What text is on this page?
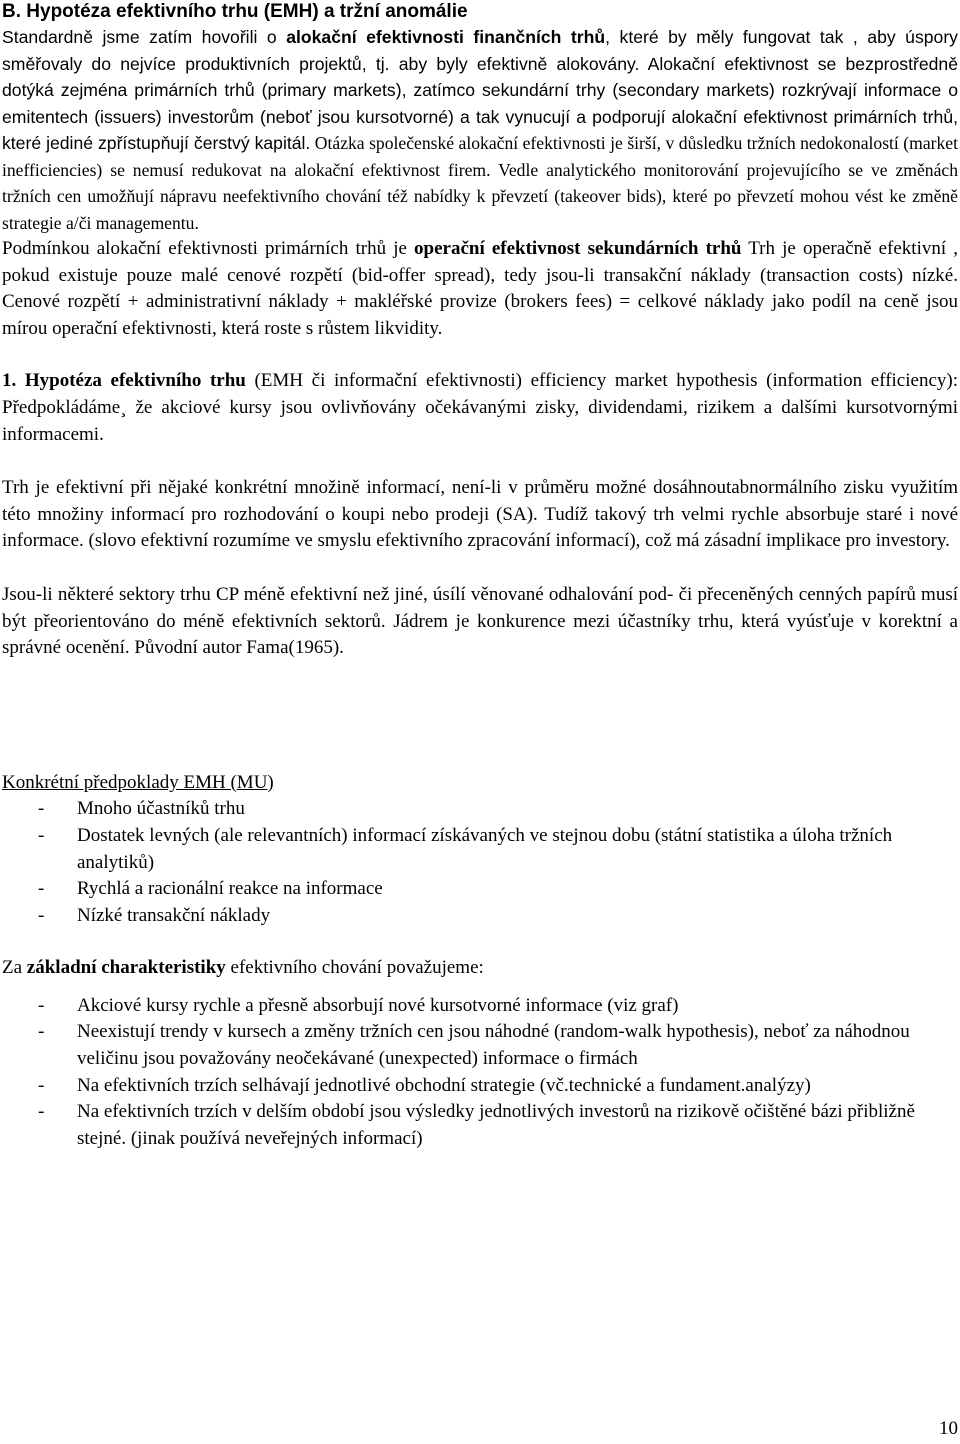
B. Hypotéza efektivního trhu (EMH) a tržní anomálie

Standardně jsme zatím hovořili o alokační efektivnosti finančních trhů, které by měly fungovat tak , aby úspory směřovaly do nejvíce produktivních projektů, tj. aby byly efektivně alokovány. Alokační efektivnost se bezprostředně dotýká zejména primárních trhů (primary markets), zatímco sekundární trhy (secondary markets) rozkrývají informace o emitentech (issuers) investorům (neboť jsou kursotvorné) a tak vynucují a podporují alokační efektivnost primárních trhů, které jediné zpřístupňují čerstvý kapitál. Otázka společenské alokační efektivnosti je širší, v důsledku tržních nedokonalostí (market inefficiencies) se nemusí redukovat na alokační efektivnost firem. Vedle analytického monitorování projevujícího se ve změnách tržních cen umožňují nápravu neefektivního chování též nabídky k převzetí (takeover bids), které po převzetí mohou vést ke změně strategie a/či managementu.

Podmínkou alokační efektivnosti primárních trhů je operační efektivnost sekundárních trhů Trh je operačně efektivní , pokud existuje pouze malé cenové rozpětí (bid-offer spread), tedy jsou-li transakční náklady (transaction costs) nízké. Cenové rozpětí + administrativní náklady + makléřské provize (brokers fees) = celkové náklady jako podíl na ceně jsou mírou operační efektivnosti, která roste s růstem likvidity.

1. Hypotéza efektivního trhu (EMH či informační efektivnosti) efficiency market hypothesis (information efficiency): Předpokládáme¸ že akciové kursy jsou ovlivňovány očekávanými zisky, dividendami, rizikem a dalšími kursotvornými informacemi.

Trh je efektivní při nějaké konkrétní množině informací, není-li v průměru možné dosáhnoutabnormálního zisku využitím této množiny informací pro rozhodování o koupi nebo prodeji (SA). Tudíž takový trh velmi rychle absorbuje staré i nové informace. (slovo efektivní rozumíme ve smyslu efektivního zpracování informací), což má zásadní implikace pro investory.

Jsou-li některé sektory trhu CP méně efektivní než jiné, úsílí věnované odhalování pod- či přeceněných cenných papírů musí být přeorientováno do méně efektivních sektorů. Jádrem je konkurence mezi účastníky trhu, která vyúsťuje v korektní a správné ocenění. Původní autor Fama(1965).

Konkrétní předpoklady EMH (MU)

- Mnoho účastníků trhu
- Dostatek levných (ale relevantních) informací získávaných ve stejnou dobu (státní statistika a úloha tržních analytiků)
- Rychlá a racionální reakce na informace
- Nízké transakční náklady

Za základní charakteristiky efektivního chování považujeme:

- Akciové kursy rychle a přesně absorbují nové kursotvorné informace (viz graf)
- Neexistují trendy v kursech a změny tržních cen jsou náhodné (random-walk hypothesis), neboť za náhodnou veličinu jsou považovány neočekávané (unexpected) informace o firmách
- Na efektivních trzích selhávají jednotlivé obchodní strategie (vč.technické a fundament.analýzy)
- Na efektivních trzích v delším období jsou výsledky jednotlivých investorů na rizikově očištěné bázi přibližně stejné. (jinak používá neveřejných informací)
10
